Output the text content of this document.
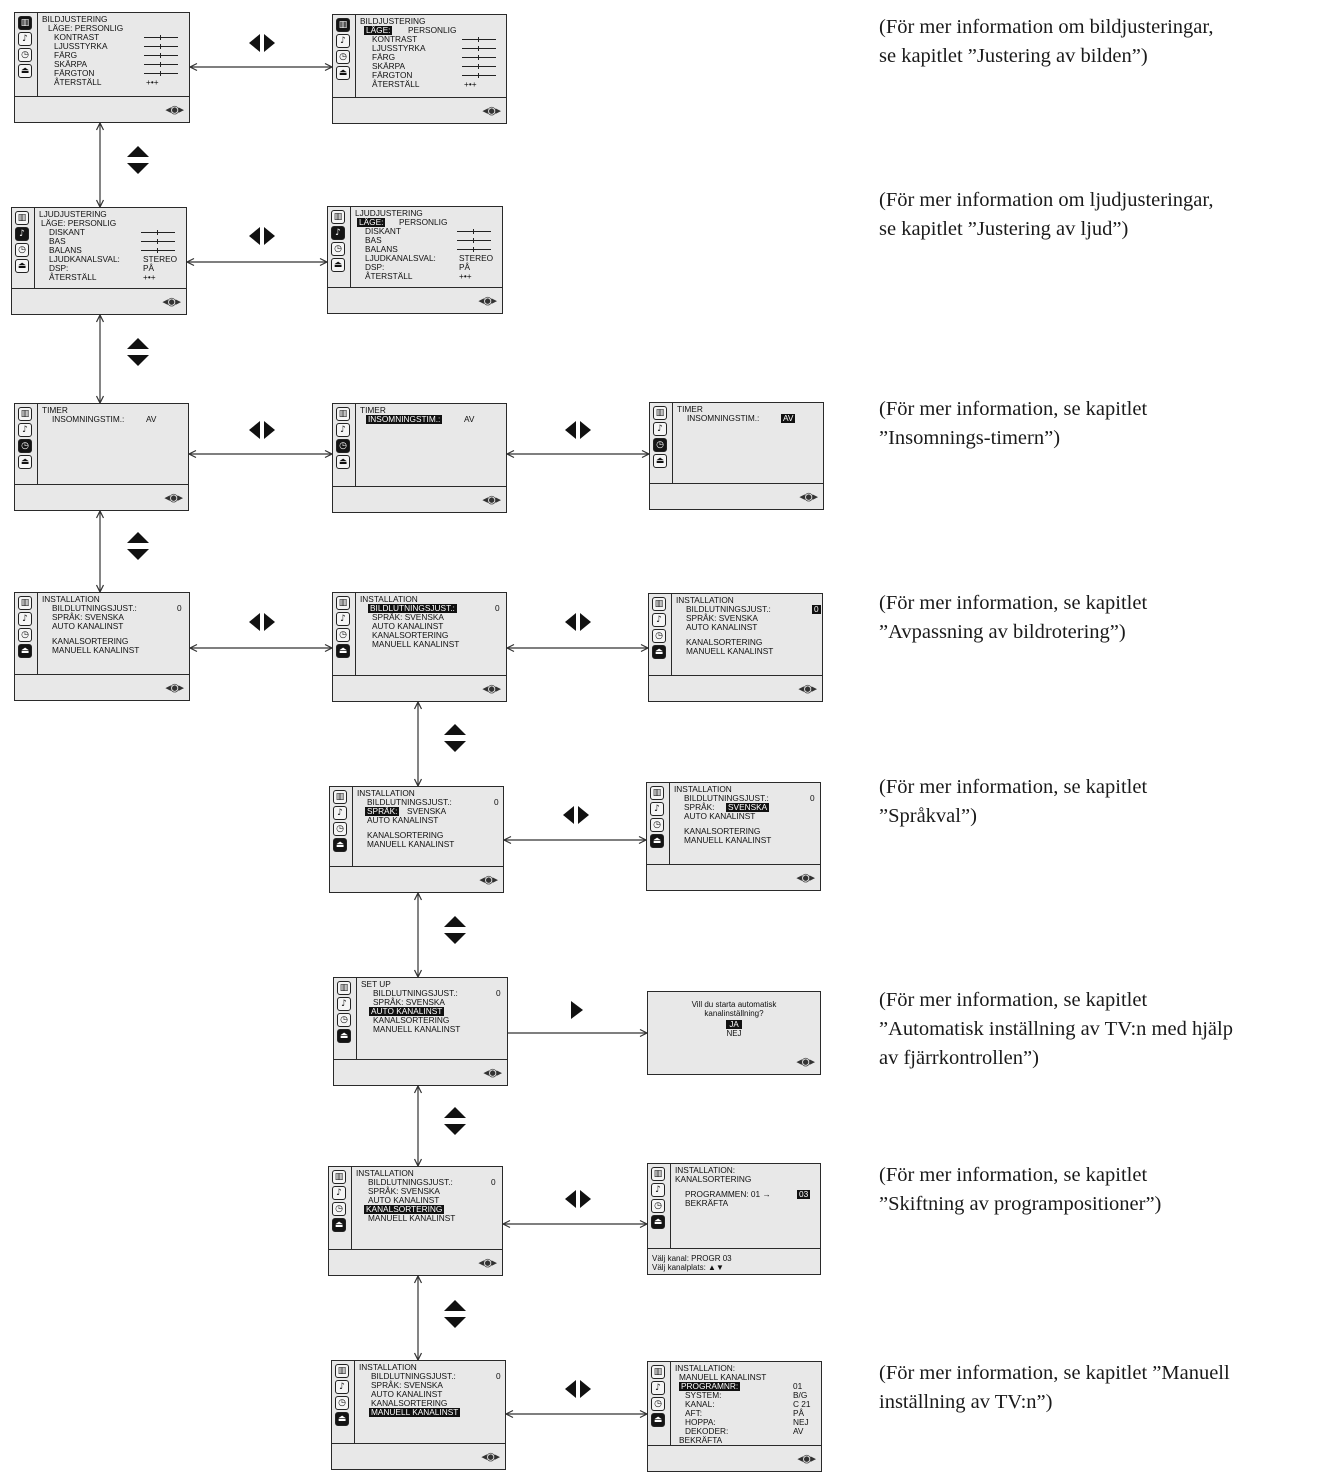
▥
♪
◷
⏏
BILDJUSTERING
LÄGE: PERSONLIG
KONTRAST
LJUSSTYRKA
FÄRG
SKÄRPA
FÄRGTON
ÅTERSTÄLL	+•+
◂◉▸
▥
♪
◷
⏏
BILDJUSTERING
LÄGE: PERSONLIG
KONTRAST
LJUSSTYRKA
FÄRG
SKÄRPA
FÄRGTON
ÅTERSTÄLL	+•+
◂◉▸
▥
♪
◷
⏏
LJUDJUSTERING
LÄGE: PERSONLIG
DISKANT
BAS
BALANS
LJUDKANALSVAL:	STEREO
DSP:	PÅ
ÅTERSTÄLL	+•+
◂◉▸
▥
♪
◷
⏏
LJUDJUSTERING
LÄGE: PERSONLIG
DISKANT
BAS
BALANS
LJUDKANALSVAL:	STEREO
DSP:	PÅ
ÅTERSTÄLL	+•+
◂◉▸
▥
♪
◷
⏏
TIMER
INSOMNINGSTIM.:	AV
◂◉▸
▥
♪
◷
⏏
TIMER
INSOMNINGSTIM.:	AV
◂◉▸
▥
♪
◷
⏏
TIMER
INSOMNINGSTIM.:	AV
◂◉▸
▥
♪
◷
⏏
INSTALLATION
BILDLUTNINGSJUST.:	0
SPRÅK: SVENSKA
AUTO KANALINST
KANALSORTERING
MANUELL KANALINST
◂◉▸
▥
♪
◷
⏏
INSTALLATION
BILDLUTNINGSJUST.:	0
SPRÅK: SVENSKA
AUTO KANALINST
KANALSORTERING
MANUELL KANALINST
◂◉▸
▥
♪
◷
⏏
INSTALLATION
BILDLUTNINGSJUST.:	0
SPRÅK: SVENSKA
AUTO KANALINST
KANALSORTERING
MANUELL KANALINST
◂◉▸
▥
♪
◷
⏏
INSTALLATION
BILDLUTNINGSJUST.:	0
SPRÅK: SVENSKA
AUTO KANALINST
KANALSORTERING
MANUELL KANALINST
◂◉▸
▥
♪
◷
⏏
INSTALLATION
BILDLUTNINGSJUST.:	0
SPRÅK: SVENSKA
AUTO KANALINST
KANALSORTERING
MANUELL KANALINST
◂◉▸
▥
♪
◷
⏏
SET UP
BILDLUTNINGSJUST.:	0
SPRÅK: SVENSKA
AUTO KANALINST
KANALSORTERING
MANUELL KANALINST
◂◉▸
Vill du starta automatisk
kanalinställning?
JA
NEJ
◂◉▸
▥
♪
◷
⏏
INSTALLATION
BILDLUTNINGSJUST.:	0
SPRÅK: SVENSKA
AUTO KANALINST
KANALSORTERING
MANUELL KANALINST
◂◉▸
▥
♪
◷
⏏
INSTALLATION:
KANALSORTERING
PROGRAMMEN: 01 →	03
BEKRÄFTA
Välj kanal: PROGR 03
Välj kanalplats: ▲▼
▥
♪
◷
⏏
INSTALLATION
BILDLUTNINGSJUST.:	0
SPRÅK: SVENSKA
AUTO KANALINST
KANALSORTERING
MANUELL KANALINST
◂◉▸
▥
♪
◷
⏏
INSTALLATION:
MANUELL KANALINST
PROGRAMNR:	01
SYSTEM:	B/G
KANAL:	C 21
AFT:	PÅ
HOPPA:	NEJ
DEKODER:	AV
BEKRÄFTA
◂◉▸
(För mer information om bildjusteringar,
se kapitlet ”Justering av bilden”)
(För mer information om ljudjusteringar,
se kapitlet ”Justering av ljud”)
(För mer information, se kapitlet
”Insomnings-timern”)
(För mer information, se kapitlet
”Avpassning av bildrotering”)
(För mer information, se kapitlet
”Språkval”)
(För mer information, se kapitlet
”Automatisk inställning av TV:n med hjälp
av fjärrkontrollen”)
(För mer information, se kapitlet
”Skiftning av programpositioner”)
(För mer information, se kapitlet ”Manuell
inställning av TV:n”)
